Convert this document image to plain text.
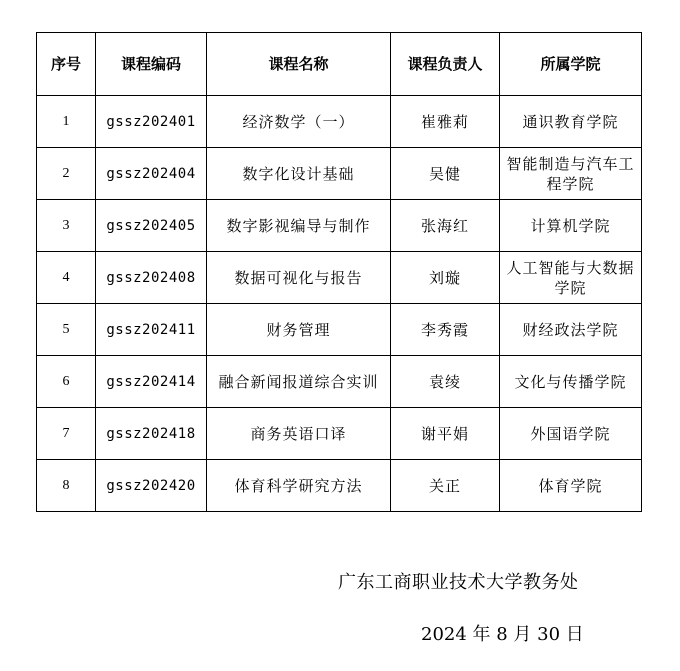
序号	课程编码	课程名称	课程负责人	所属学院
1	gssz202401	经济数学（一）	崔雅莉	通识教育学院
2	gssz202404	数字化设计基础	吴健	智能制造与汽车工程学院
3	gssz202405	数字影视编导与制作	张海红	计算机学院
4	gssz202408	数据可视化与报告	刘璇	人工智能与大数据学院
5	gssz202411	财务管理	李秀霞	财经政法学院
6	gssz202414	融合新闻报道综合实训	袁绫	文化与传播学院
7	gssz202418	商务英语口译	谢平娟	外国语学院
8	gssz202420	体育科学研究方法	关正	体育学院
广东工商职业技术大学教务处
2024 年 8 月 30 日
